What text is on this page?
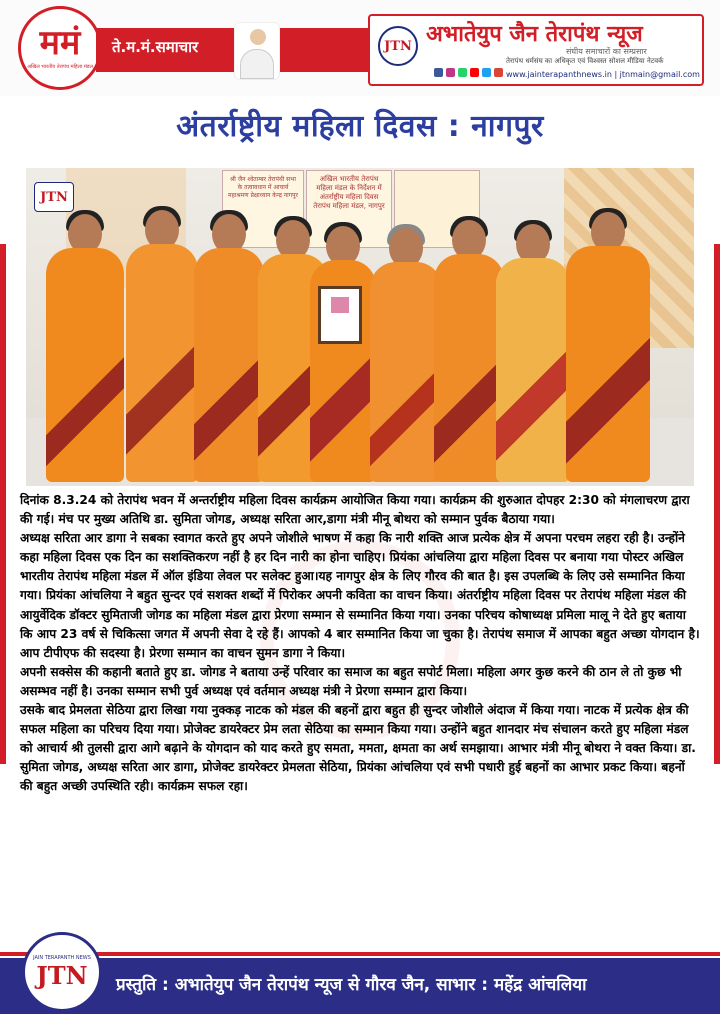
ममं
अखिल भारतीय तेरापंथ महिला मंडल
ते.म.मं.समाचार	JTN अभातेयुप जैन तेरापंथ न्यूज
संघीय समाचारों का सम्प्रसार
तेरापंथ धर्मसंघ का अधिकृत एवं विश्वस्त सोशल मीडिया नेटवर्क
www.jainterapanthnews.in | jtnmain@gmail.com
अंतर्राष्ट्रीय महिला दिवस : नागपुर
श्री जैन श्वेताम्बर तेरापंथी सभा के तत्वावधान में आचार्य महाश्रमण प्रेक्षाध्यान केन्द्र नागपुर
अखिल भारतीय तेरापंथ महिला मंडल के निर्देशन में अंतर्राष्ट्रीय महिला दिवस
तेरापंथ महिला मंडल, नागपुर
JTN

दिनांक 8.3.24 को तेरापंथ भवन में अन्तर्राष्ट्रीय महिला दिवस कार्यक्रम आयोजित किया गया। कार्यक्रम की शुरुआत दोपहर 2:30 को मंगलाचरण द्वारा की गई। मंच पर मुख्य अतिथि डा. सुमिता जोगड, अध्यक्ष सरिता आर,डागा मंत्री मीनू बोथरा को सम्मान पुर्वक बैठाया गया।

अध्यक्ष सरिता आर डागा ने सबका स्वागत करते हुए अपने जोशीले भाषण में कहा कि नारी शक्ति आज प्रत्येक क्षेत्र में अपना परचम लहरा रही है। उन्होंने कहा महिला दिवस एक दिन का सशक्तिकरण नहीं है हर दिन नारी का होना चाहिए। प्रियंका आंचलिया द्वारा महिला दिवस पर बनाया गया पोस्टर अखिल भारतीय तेरापंथ महिला मंडल में ऑल इंडिया लेवल पर सलेक्ट हुआ।यह नागपुर क्षेत्र के लिए गौरव की बात है। इस उपलब्धि के लिए उसे सम्मानित किया गया। प्रियंका आंचलिया ने बहुत सुन्दर एवं सशक्त शब्दों में पिरोकर अपनी कविता का वाचन किया। अंतर्राष्ट्रीय महिला दिवस पर तेरापंथ महिला मंडल की आयुर्वेदिक डॉक्टर सुमिताजी जोगड का महिला मंडल द्वारा प्रेरणा सम्मान से सम्मानित किया गया। उनका परिचय कोषाध्यक्ष प्रमिला मालू ने देते हुए बताया कि आप 23 वर्ष से चिकित्सा जगत में अपनी सेवा दे रहे हैं। आपको 4 बार सम्मानित किया जा चुका है। तेरापंथ समाज में आपका बहुत अच्छा योगदान है। आप टीपीएफ की सदस्या है। प्रेरणा सम्मान का वाचन सुमन डागा ने किया।

अपनी सक्सेस की कहानी बताते हुए डा. जोगड ने बताया उन्हें परिवार का समाज का बहुत सपोर्ट मिला। महिला अगर कुछ करने की ठान ले तो कुछ भी असम्भव नहीं है। उनका सम्मान सभी पुर्व अध्यक्ष एवं वर्तमान अध्यक्ष मंत्री ने प्रेरणा सम्मान द्वारा किया।

उसके बाद प्रेमलता सेठिया द्वारा लिखा गया नुक्कड़ नाटक को मंडल की बहनों द्वारा बहुत ही सुन्दर जोशीले अंदाज में किया गया। नाटक में प्रत्येक क्षेत्र की सफल महिला का परिचय दिया गया। प्रोजेक्ट डायरेक्टर प्रेम लता सेठिया का सम्मान किया गया। उन्होंने बहुत शानदार मंच संचालन करते हुए महिला मंडल को आचार्य श्री तुलसी द्वारा आगे बढ़ाने के योगदान को याद करते हुए समता, ममता, क्षमता का अर्थ समझाया। आभार मंत्री मीनू बोथरा ने वक्त किया। डा. सुमिता जोगड, अध्यक्ष सरिता आर डागा, प्रोजेक्ट डायरेक्टर प्रेमलता सेठिया, प्रियंका आंचलिया एवं सभी पधारी हुई बहनों का आभार प्रकट किया। बहनों की बहुत अच्छी उपस्थिति रही। कार्यक्रम सफल रहा।

JAIN TERAPANTH NEWS
JTN प्रस्तुति : अभातेयुप जैन तेरापंथ न्यूज से गौरव जैन, साभार : महेंद्र आंचलिया
